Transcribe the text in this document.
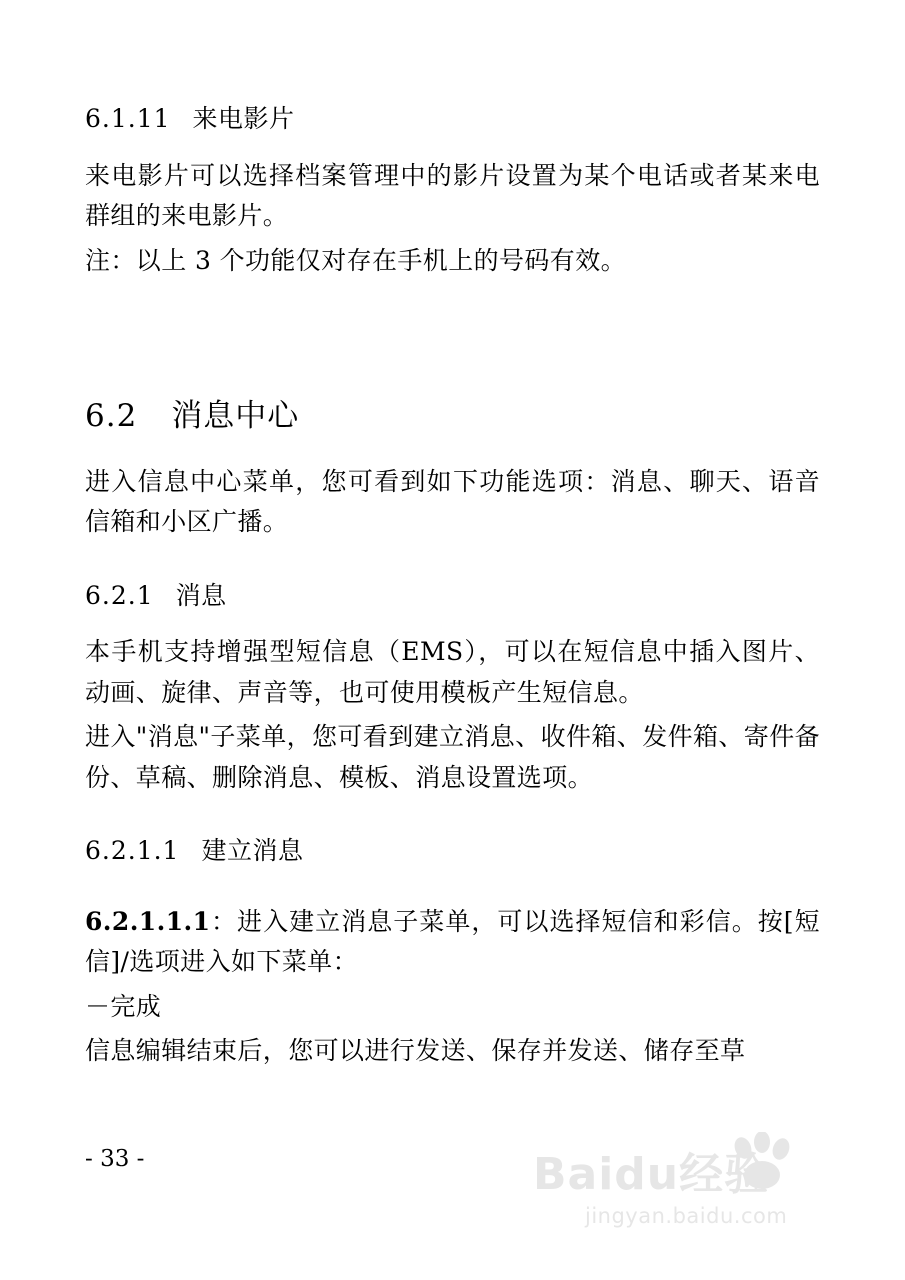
6.1.11 来电影片

来电影片可以选择档案管理中的影片设置为某个电话或者某来电群组的来电影片。

注：以上 3 个功能仅对存在手机上的号码有效。

6.2 消息中心

进入信息中心菜单，您可看到如下功能选项：消息、聊天、语音信箱和小区广播。

6.2.1 消息

本手机支持增强型短信息（EMS），可以在短信息中插入图片、动画、旋律、声音等，也可使用模板产生短信息。

进入"消息"子菜单，您可看到建立消息、收件箱、发件箱、寄件备份、草稿、删除消息、模板、消息设置选项。

6.2.1.1 建立消息

6.2.1.1.1：进入建立消息子菜单，可以选择短信和彩信。按[短信]/选项进入如下菜单：

－完成

信息编辑结束后，您可以进行发送、保存并发送、储存至草

- 33 -	Baidu经验
jingyan.baidu.com
